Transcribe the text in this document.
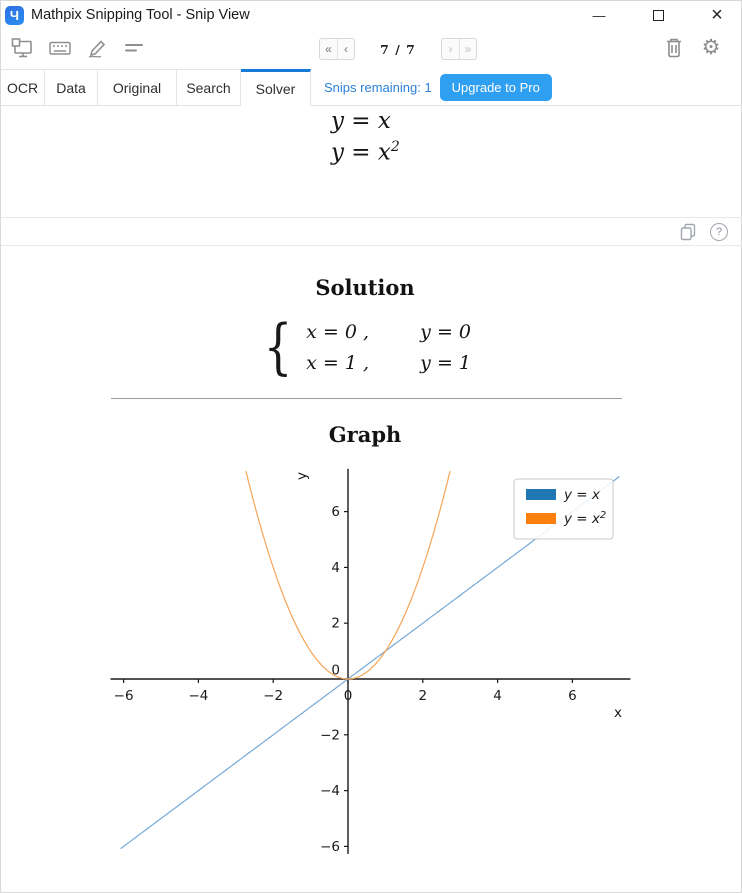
Ч Mathpix Snipping Tool - Snip View	—	×
« ‹	7 / 7	› »	⚙
OCR	Data	Original	Search	Solver	Snips remaining: 1	Upgrade to Pro
y = x
$y = x^2$
?
Solution
{ x = 0 ,	y = 0
x = 1 ,	y = 1
Graph
−6	−4	−2	0	2	4	6
−6
−4
−2
0
2
4
6
x
y
y = x
$y = x^2$
